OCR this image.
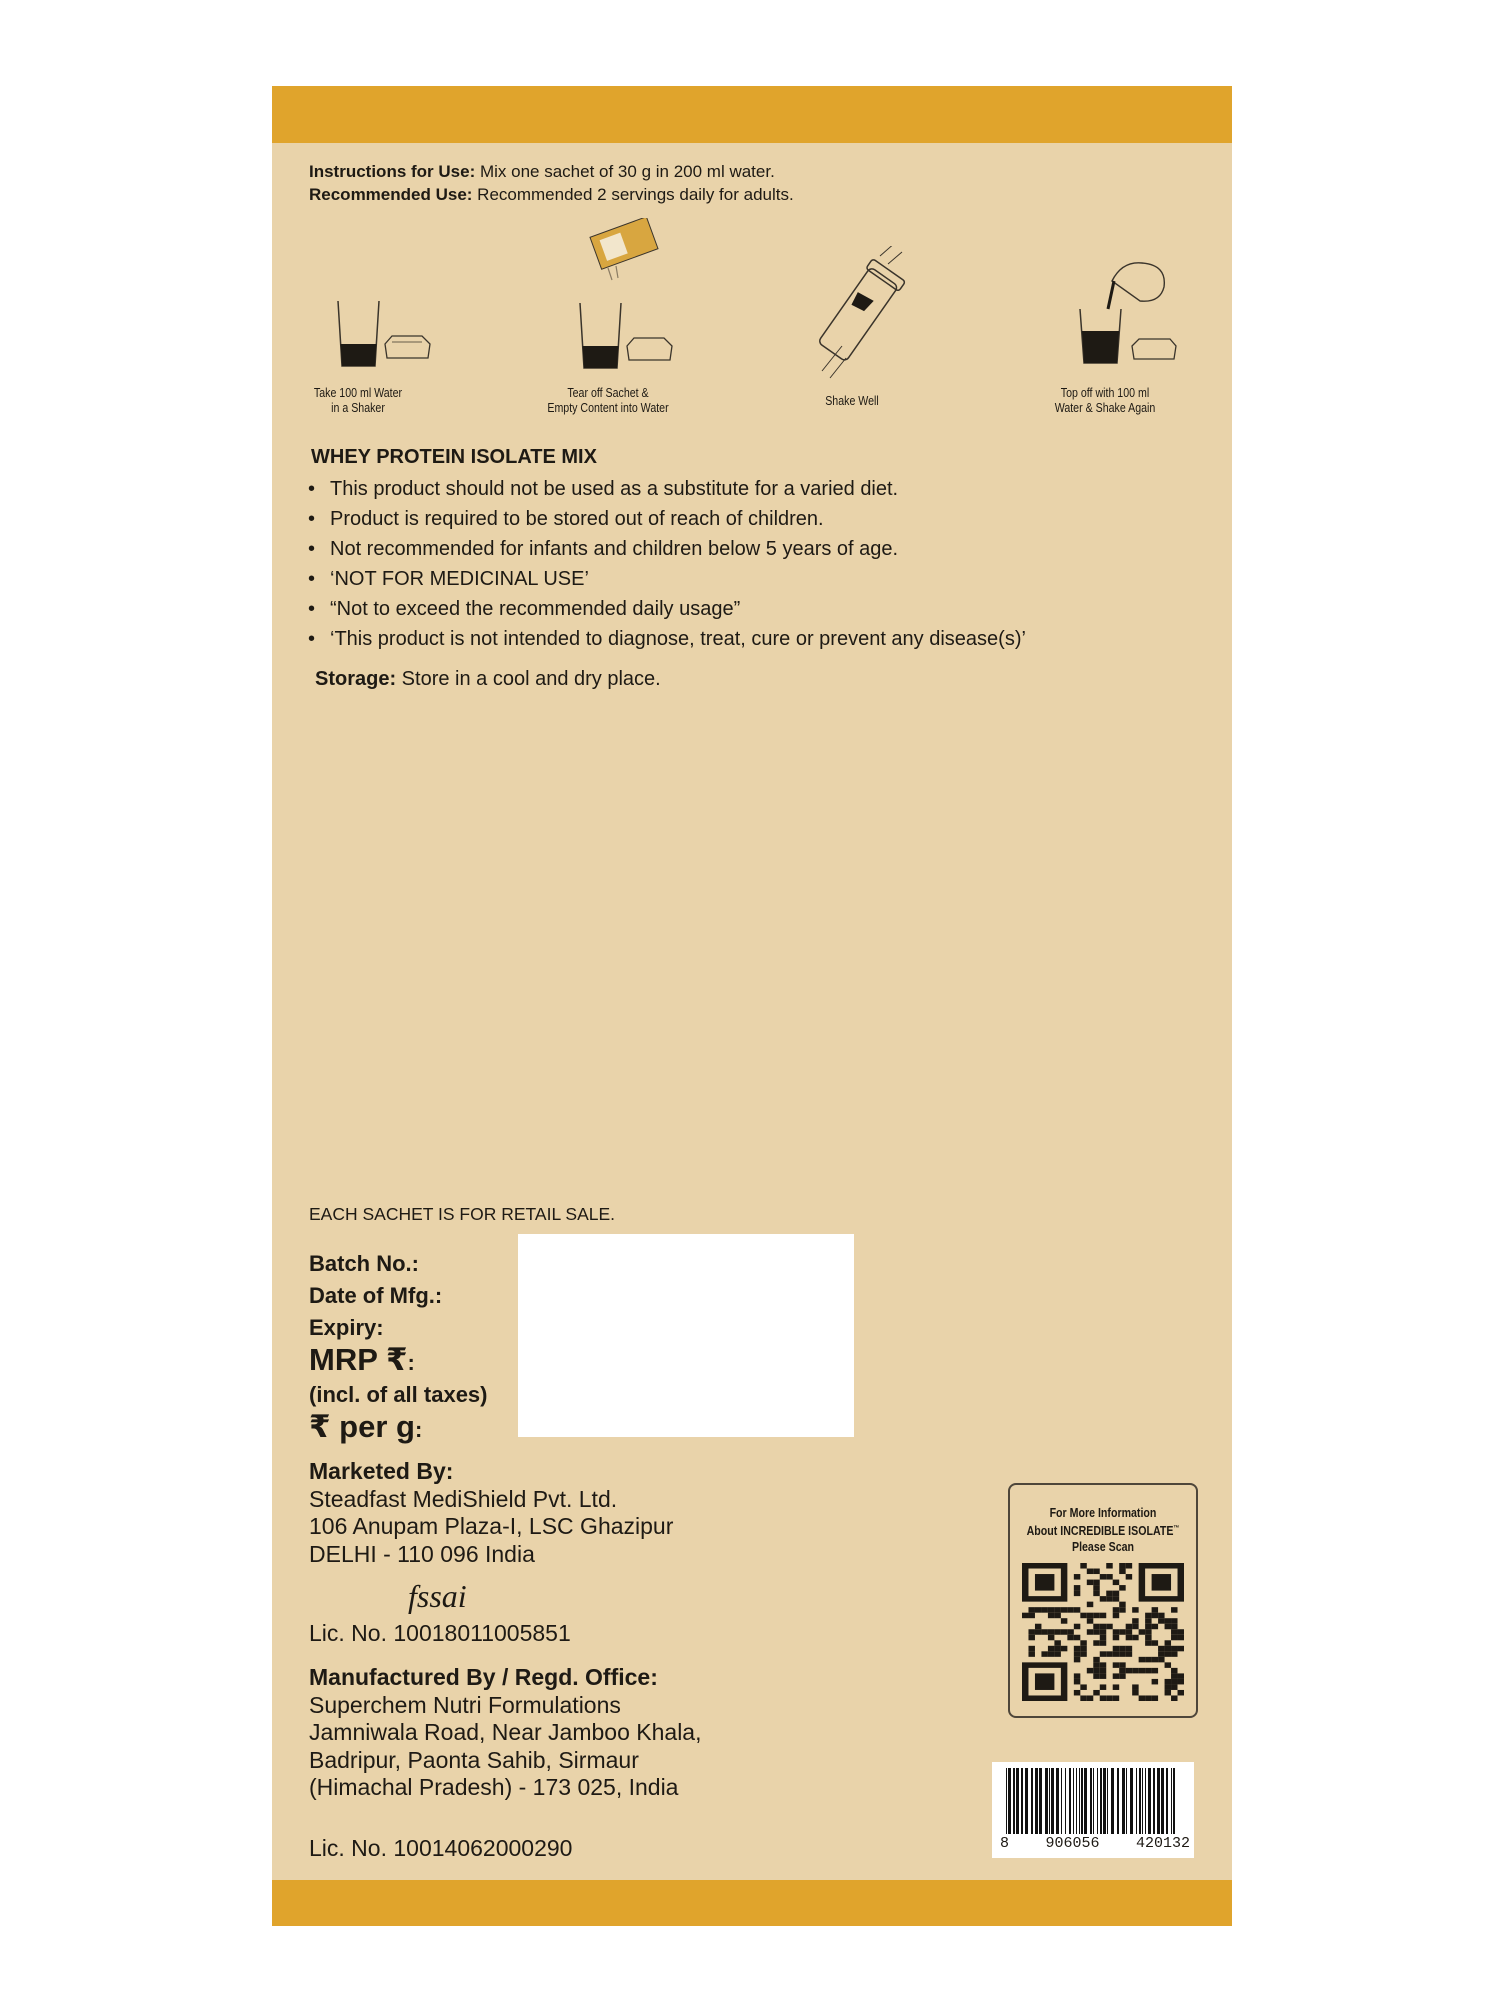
Instructions for Use: Mix one sachet of 30 g in 200 ml water.
Recommended Use: Recommended 2 servings daily for adults.
Take 100 ml Water
in a Shaker
Tear off Sachet &
Empty Content into Water	Shake Well
Top off with 100 ml
Water & Shake Again
WHEY PROTEIN ISOLATE MIX
• This product should not be used as a substitute for a varied diet.
• Product is required to be stored out of reach of children.
• Not recommended for infants and children below 5 years of age.
• ‘NOT FOR MEDICINAL USE’
• “Not to exceed the recommended daily usage”
• ‘This product is not intended to diagnose, treat, cure or prevent any disease(s)’
Storage: Store in a cool and dry place.
EACH SACHET IS FOR RETAIL SALE.
Batch No.:
Date of Mfg.:
Expiry:
MRP ₹:
(incl. of all taxes)
₹ per g:
Marketed By:
Steadfast MediShield Pvt. Ltd.
106 Anupam Plaza-I, LSC Ghazipur
DELHI - 110 096 India
fssai
Lic. No. 10018011005851
Manufactured By / Regd. Office:
Superchem Nutri Formulations
Jamniwala Road, Near Jamboo Khala,
Badripur, Paonta Sahib, Sirmaur
(Himachal Pradesh) - 173 025, India
Lic. No. 10014062000290
For More Information
About INCREDIBLE ISOLATE™
Please Scan
8 906056 420132
